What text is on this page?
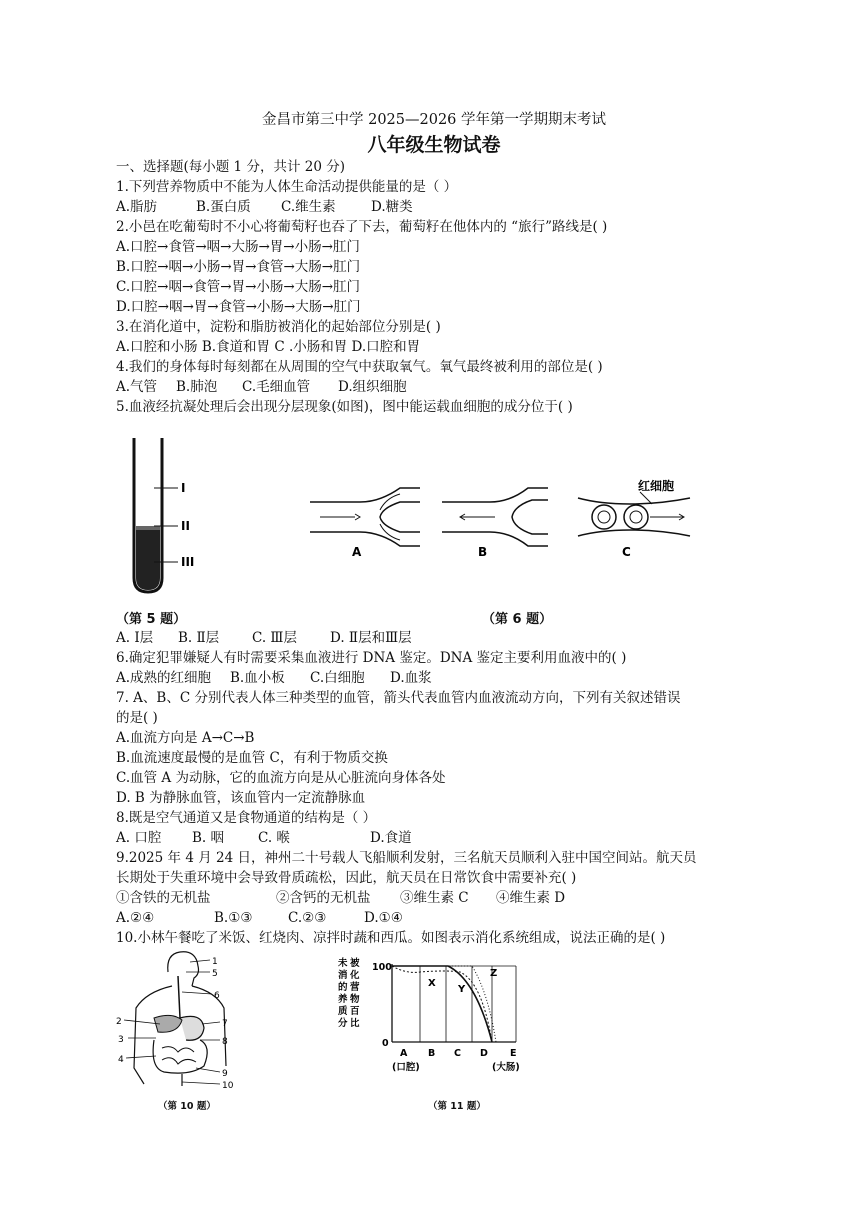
金昌市第三中学 2025—2026 学年第一学期期末考试
八年级生物试卷
一、选择题(每小题 1 分，共计 20 分)
1.下列营养物质中不能为人体生命活动提供能量的是（ ）
A.脂肪	B.蛋白质 C.维生素	D.糖类
2.小邑在吃葡萄时不小心将葡萄籽也吞了下去，葡萄籽在他体内的 “旅行”路线是( )
A.口腔→食管→咽→大肠→胃→小肠→肛门
B.口腔→咽→小肠→胃→食管→大肠→肛门
C.口腔→咽→食管→胃→小肠→大肠→肛门
D.口腔→咽→胃→食管→小肠→大肠→肛门
3.在消化道中，淀粉和脂肪被消化的起始部位分别是( )
A.口腔和小肠 B.食道和胃 C .小肠和胃 D.口腔和胃
4.我们的身体每时每刻都在从周围的空气中获取氧气。氧气最终被利用的部位是( )
A.气管 B.肺泡 C.毛细血管 D.组织细胞
5.血液经抗凝处理后会出现分层现象(如图)，图中能运载血细胞的成分位于( )
I
II
III
A	B
红细胞
C
（第 5 题）	（第 6 题）
A. Ⅰ层 B. Ⅱ层 C. Ⅲ层 D. Ⅱ层和Ⅲ层
6.确定犯罪嫌疑人有时需要采集血液进行 DNA 鉴定。DNA 鉴定主要利用血液中的( )
A.成熟的红细胞 B.血小板 C.白细胞 D.血浆
7. A、B、C 分别代表人体三种类型的血管，箭头代表血管内血液流动方向，下列有关叙述错误
的是( )
A.血流方向是 A→C→B
B.血流速度最慢的是血管 C，有利于物质交换
C.血管 A 为动脉，它的血流方向是从心脏流向身体各处
D. B 为静脉血管，该血管内一定流静脉血
8.既是空气通道又是食物通道的结构是（ ）
A. 口腔 B. 咽	C. 喉	D.食道
9.2025 年 4 月 24 日，神州二十号载人飞船顺利发射，三名航天员顺利入驻中国空间站。航天员
长期处于失重环境中会导致骨质疏松，因此，航天员在日常饮食中需要补充( )
①含铁的无机盐	②含钙的无机盐 ③维生素 C ④维生素 D
A.②④	B.①③	C.②③	D.①④
10.小林午餐吃了米饭、红烧肉、凉拌时蔬和西瓜。如图表示消化系统组成，说法正确的是( )
1
5
6
2	7
3	8
4
9
10
（第 10 题）
未 被
消 化
的 营
养 物
质 百
分 比
100
0
X
Y
Z
A B C D E
(口腔)	(大肠)
（第 11 题）
